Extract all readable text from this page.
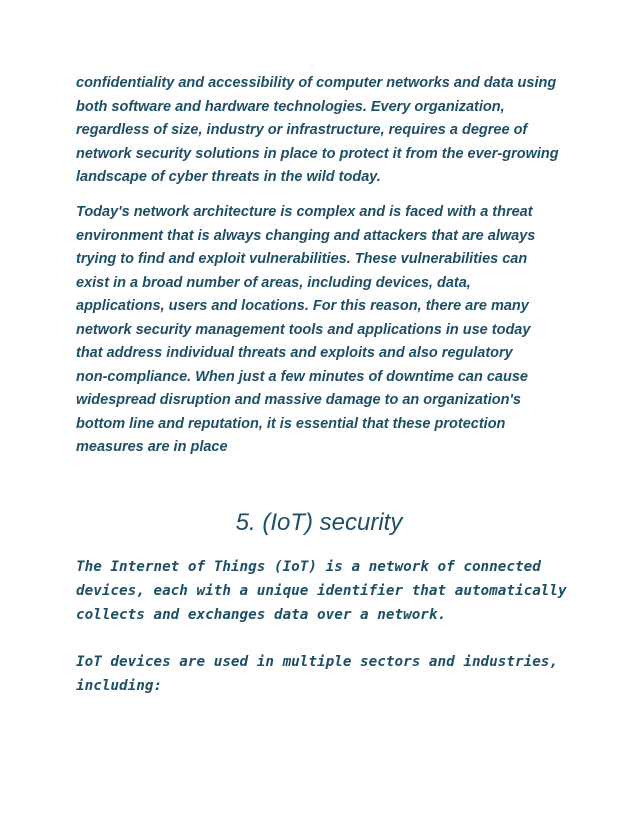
confidentiality and accessibility of computer networks and data using
both software and hardware technologies. Every organization,
regardless of size, industry or infrastructure, requires a degree of
network security solutions in place to protect it from the ever-growing
landscape of cyber threats in the wild today.

Today's network architecture is complex and is faced with a threat
environment that is always changing and attackers that are always
trying to find and exploit vulnerabilities. These vulnerabilities can
exist in a broad number of areas, including devices, data,
applications, users and locations. For this reason, there are many
network security management tools and applications in use today
that address individual threats and exploits and also regulatory
non-compliance. When just a few minutes of downtime can cause
widespread disruption and massive damage to an organization's
bottom line and reputation, it is essential that these protection
measures are in place

5. (IoT) security

The Internet of Things (IoT) is a network of connected
devices, each with a unique identifier that automatically
collects and exchanges data over a network.

IoT devices are used in multiple sectors and industries,
including:
